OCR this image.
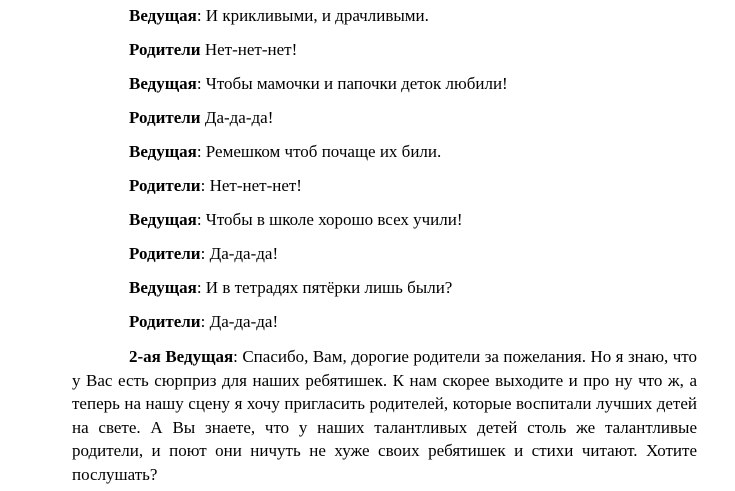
Ведущая: И крикливыми, и драчливыми.
Родители Нет-нет-нет!
Ведущая: Чтобы мамочки и папочки деток любили!
Родители Да-да-да!
Ведущая: Ремешком чтоб почаще их били.
Родители: Нет-нет-нет!
Ведущая: Чтобы в школе хорошо всех учили!
Родители: Да-да-да!
Ведущая: И в тетрадях пятёрки лишь были?
Родители: Да-да-да!
2-ая Ведущая: Спасибо, Вам, дорогие родители за пожелания. Но я знаю, что у Вас есть сюрприз для наших ребятишек. К нам скорее выходите и про ну что ж, а теперь на нашу сцену я хочу пригласить родителей, которые воспитали лучших детей на свете. А Вы знаете, что у наших талантливых детей столь же талантливые родители, и поют они ничуть не хуже своих ребятишек и стихи читают. Хотите послушать?
